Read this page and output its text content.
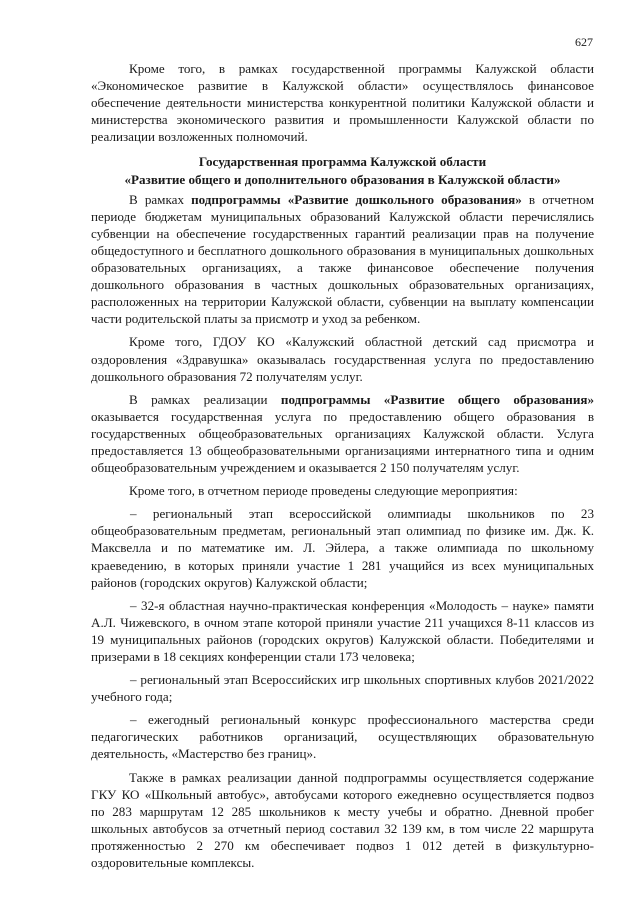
627

Кроме того, в рамках государственной программы Калужской области «Экономическое развитие в Калужской области» осуществлялось финансовое обеспечение деятельности министерства конкурентной политики Калужской области и министерства экономического развития и промышленности Калужской области по реализации возложенных полномочий.

Государственная программа Калужской области
«Развитие общего и дополнительного образования в Калужской области»

В рамках подпрограммы «Развитие дошкольного образования» в отчетном периоде бюджетам муниципальных образований Калужской области перечислялись субвенции на обеспечение государственных гарантий реализации прав на получение общедоступного и бесплатного дошкольного образования в муниципальных дошкольных образовательных организациях, а также финансовое обеспечение получения дошкольного образования в частных дошкольных образовательных организациях, расположенных на территории Калужской области, субвенции на выплату компенсации части родительской платы за присмотр и уход за ребенком.

Кроме того, ГДОУ КО «Калужский областной детский сад присмотра и оздоровления «Здравушка» оказывалась государственная услуга по предоставлению дошкольного образования 72 получателям услуг.

В рамках реализации подпрограммы «Развитие общего образования» оказывается государственная услуга по предоставлению общего образования в государственных общеобразовательных организациях Калужской области. Услуга предоставляется 13 общеобразовательными организациями интернатного типа и одним общеобразовательным учреждением и оказывается 2 150 получателям услуг.

Кроме того, в отчетном периоде проведены следующие мероприятия:

– региональный этап всероссийской олимпиады школьников по 23 общеобразовательным предметам, региональный этап олимпиад по физике им. Дж. К. Максвелла и по математике им. Л. Эйлера, а также олимпиада по школьному краеведению, в которых приняли участие 1 281 учащийся из всех муниципальных районов (городских округов) Калужской области;

– 32-я областная научно-практическая конференция «Молодость – науке» памяти А.Л. Чижевского, в очном этапе которой приняли участие 211 учащихся 8-11 классов из 19 муниципальных районов (городских округов) Калужской области. Победителями и призерами в 18 секциях конференции стали 173 человека;

– региональный этап Всероссийских игр школьных спортивных клубов 2021/2022 учебного года;

– ежегодный региональный конкурс профессионального мастерства среди педагогических работников организаций, осуществляющих образовательную деятельность, «Мастерство без границ».

Также в рамках реализации данной подпрограммы осуществляется содержание ГКУ КО «Школьный автобус», автобусами которого ежедневно осуществляется подвоз по 283 маршрутам 12 285 школьников к месту учебы и обратно. Дневной пробег школьных автобусов за отчетный период составил 32 139 км, в том числе 22 маршрута протяженностью 2 270 км обеспечивает подвоз 1 012 детей в физкультурно-оздоровительные комплексы.
